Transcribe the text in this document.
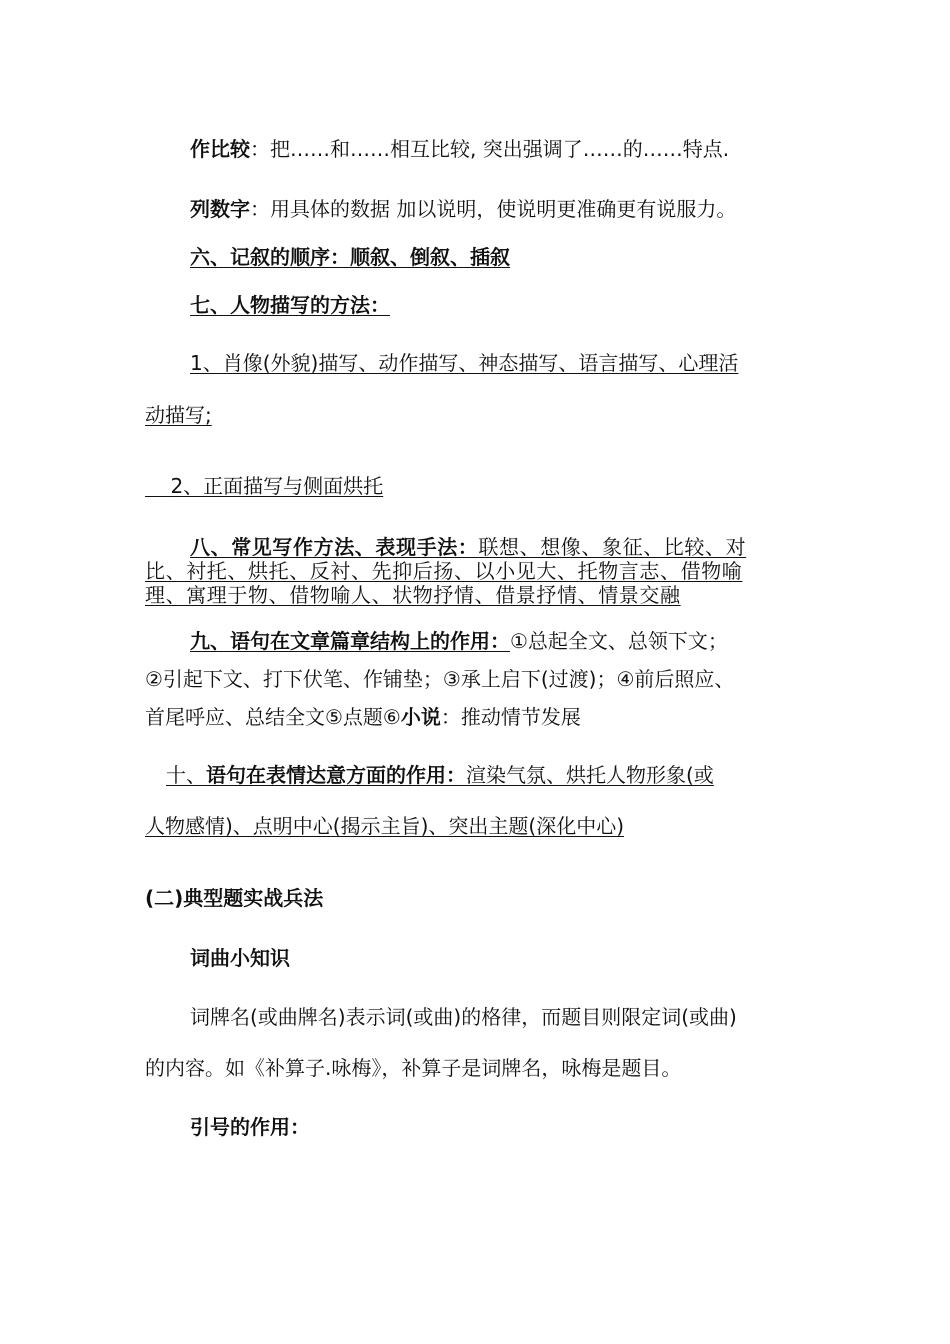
作比较：把……和……相互比较, 突出强调了……的……特点.
列数字：用具体的数据 加以说明，使说明更准确更有说服力。
六、记叙的顺序：顺叙、倒叙、插叙
七、人物描写的方法：
1、肖像(外貌)描写、动作描写、神态描写、语言描写、心理活
动描写;
2、正面描写与侧面烘托
八、常见写作方法、表现手法：联想、想像、象征、比较、对
比、衬托、烘托、反衬、先抑后扬、以小见大、托物言志、借物喻
理、寓理于物、借物喻人、状物抒情、借景抒情、情景交融
九、语句在文章篇章结构上的作用：①总起全文、总领下文；
②引起下文、打下伏笔、作铺垫；③承上启下(过渡)；④前后照应、
首尾呼应、总结全文⑤点题⑥小说：推动情节发展
十、语句在表情达意方面的作用：渲染气氛、烘托人物形象(或
人物感情)、点明中心(揭示主旨)、突出主题(深化中心)
(二)典型题实战兵法
词曲小知识
词牌名(或曲牌名)表示词(或曲)的格律，而题目则限定词(或曲)
的内容。如《补算子.咏梅》，补算子是词牌名，咏梅是题目。
引号的作用：
